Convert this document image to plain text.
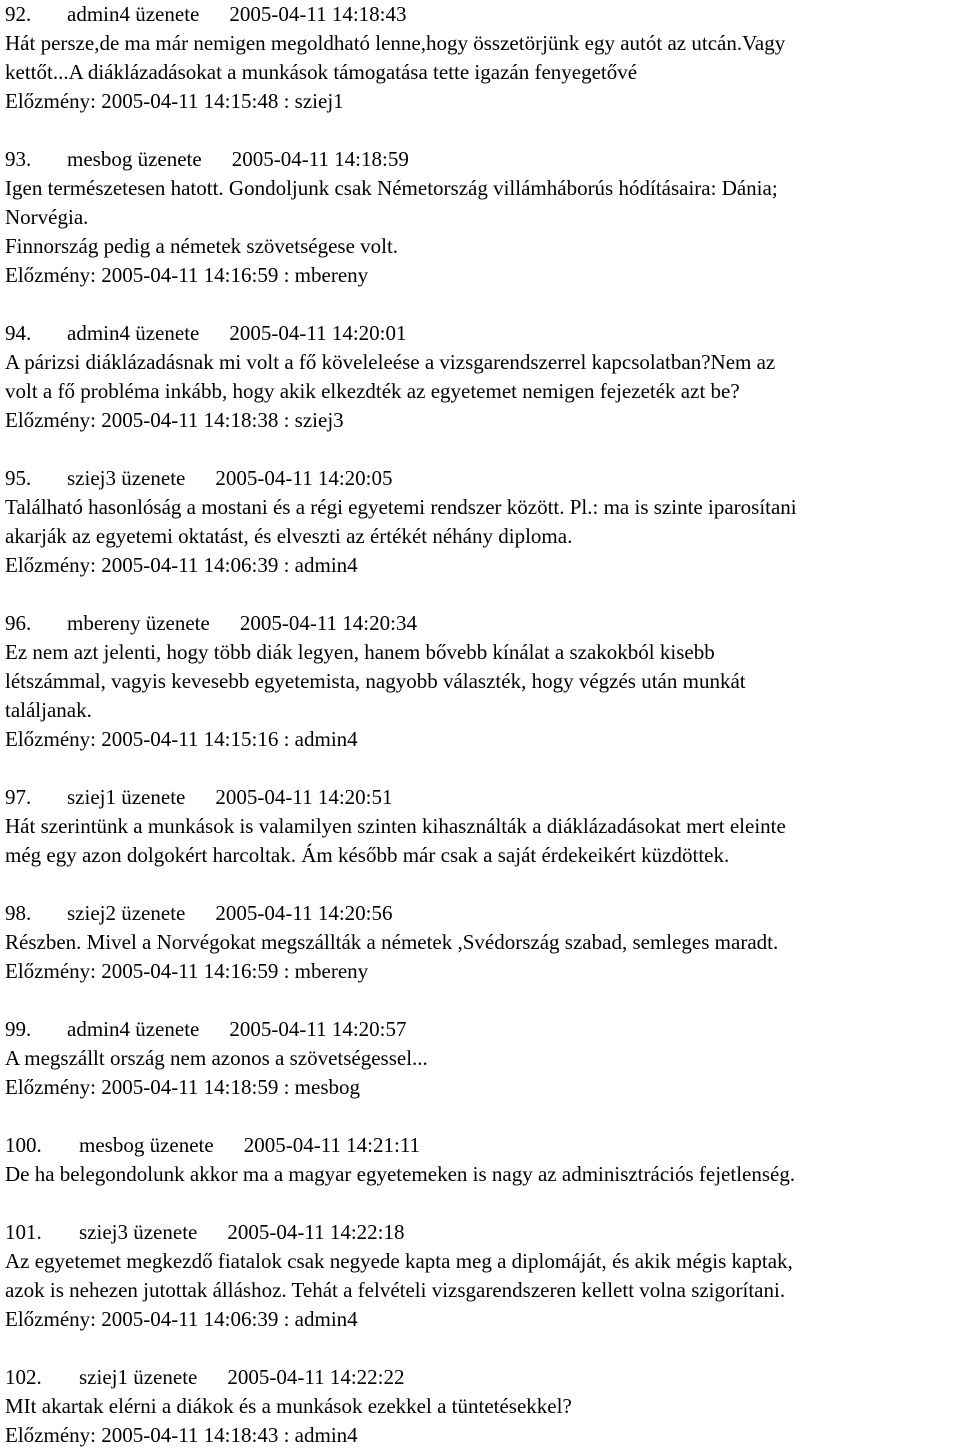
92.	admin4 üzenete 2005-04-11 14:18:43
Hát persze,de ma már nemigen megoldható lenne,hogy összetörjünk egy autót az utcán.Vagy
kettőt...A diáklázadásokat a munkások támogatása tette igazán fenyegetővé
Előzmény: 2005-04-11 14:15:48 : sziej1
93.	mesbog üzenete 2005-04-11 14:18:59
Igen természetesen hatott. Gondoljunk csak Németország villámháborús hódításaira: Dánia;
Norvégia.
Finnország pedig a németek szövetségese volt.
Előzmény: 2005-04-11 14:16:59 : mbereny
94.	admin4 üzenete 2005-04-11 14:20:01
A párizsi diáklázadásnak mi volt a fő köveleleése a vizsgarendszerrel kapcsolatban?Nem az
volt a fő probléma inkább, hogy akik elkezdték az egyetemet nemigen fejezeték azt be?
Előzmény: 2005-04-11 14:18:38 : sziej3
95.	sziej3 üzenete 2005-04-11 14:20:05
Található hasonlóság a mostani és a régi egyetemi rendszer között. Pl.: ma is szinte iparosítani
akarják az egyetemi oktatást, és elveszti az értékét néhány diploma.
Előzmény: 2005-04-11 14:06:39 : admin4
96.	mbereny üzenete 2005-04-11 14:20:34
Ez nem azt jelenti, hogy több diák legyen, hanem bővebb kínálat a szakokból kisebb
létszámmal, vagyis kevesebb egyetemista, nagyobb választék, hogy végzés után munkát
találjanak.
Előzmény: 2005-04-11 14:15:16 : admin4
97.	sziej1 üzenete 2005-04-11 14:20:51
Hát szerintünk a munkások is valamilyen szinten kihasználták a diáklázadásokat mert eleinte
még egy azon dolgokért harcoltak. Ám később már csak a saját érdekeikért küzdöttek.
98.	sziej2 üzenete 2005-04-11 14:20:56
Részben. Mivel a Norvégokat megszállták a németek ,Svédország szabad, semleges maradt.
Előzmény: 2005-04-11 14:16:59 : mbereny
99.	admin4 üzenete 2005-04-11 14:20:57
A megszállt ország nem azonos a szövetségessel...
Előzmény: 2005-04-11 14:18:59 : mesbog
100.	mesbog üzenete 2005-04-11 14:21:11
De ha belegondolunk akkor ma a magyar egyetemeken is nagy az adminisztrációs fejetlenség.
101.	sziej3 üzenete 2005-04-11 14:22:18
Az egyetemet megkezdő fiatalok csak negyede kapta meg a diplomáját, és akik mégis kaptak,
azok is nehezen jutottak álláshoz. Tehát a felvételi vizsgarendszeren kellett volna szigorítani.
Előzmény: 2005-04-11 14:06:39 : admin4
102.	sziej1 üzenete 2005-04-11 14:22:22
MIt akartak elérni a diákok és a munkások ezekkel a tüntetésekkel?
Előzmény: 2005-04-11 14:18:43 : admin4
